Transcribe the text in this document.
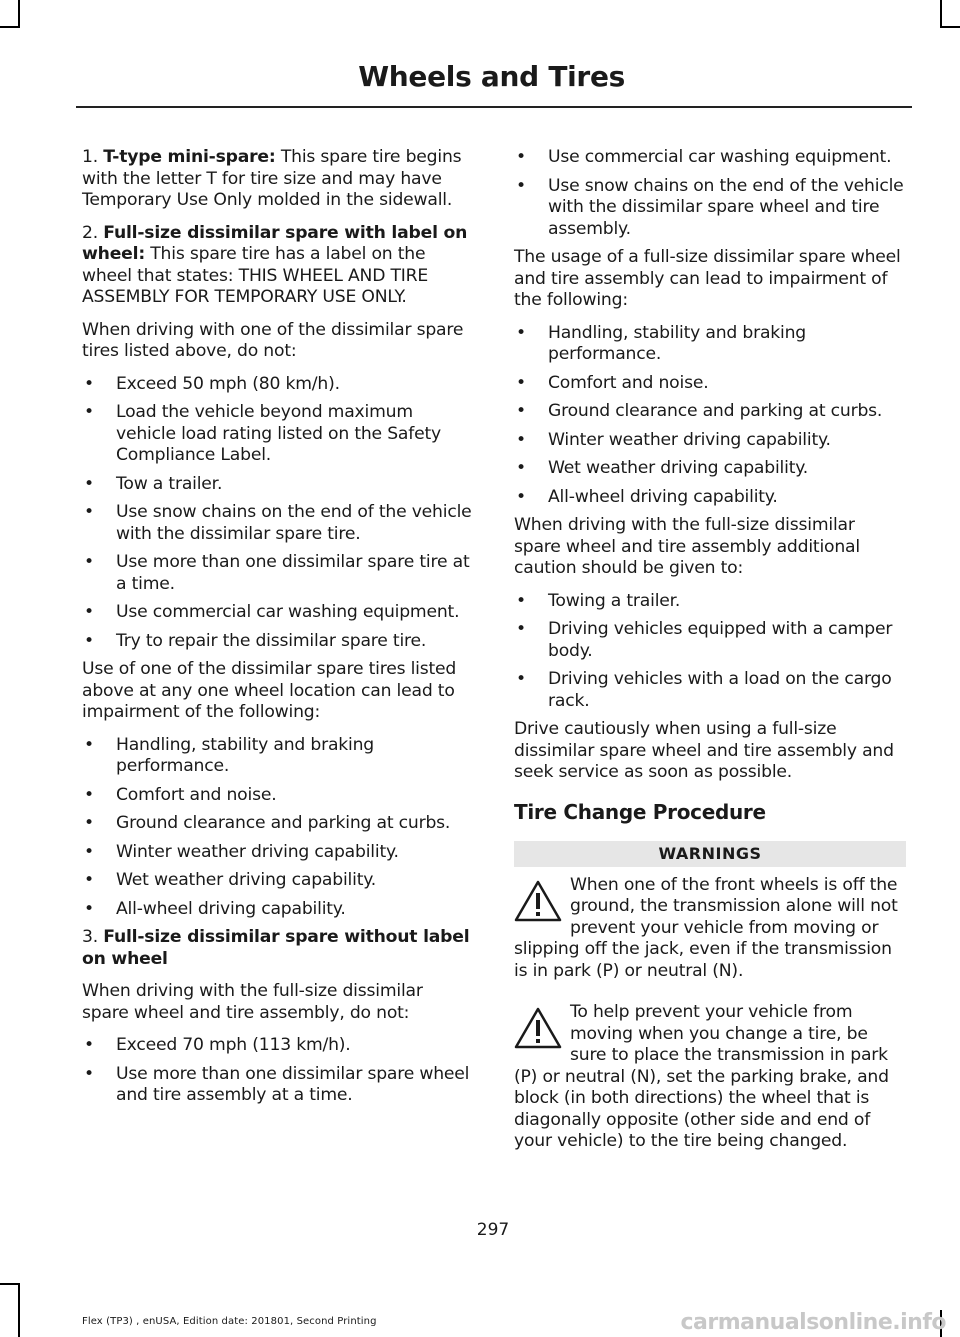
Wheels and Tires

1. T-type mini-spare: This spare tire begins with the letter T for tire size and may have Temporary Use Only molded in the sidewall.

2. Full-size dissimilar spare with label on wheel: This spare tire has a label on the wheel that states: THIS WHEEL AND TIRE ASSEMBLY FOR TEMPORARY USE ONLY.

When driving with one of the dissimilar spare tires listed above, do not:

• Exceed 50 mph (80 km/h).
• Load the vehicle beyond maximum vehicle load rating listed on the Safety Compliance Label.
• Tow a trailer.
• Use snow chains on the end of the vehicle with the dissimilar spare tire.
• Use more than one dissimilar spare tire at a time.
• Use commercial car washing equipment.
• Try to repair the dissimilar spare tire.

Use of one of the dissimilar spare tires listed above at any one wheel location can lead to impairment of the following:

• Handling, stability and braking performance.
• Comfort and noise.
• Ground clearance and parking at curbs.
• Winter weather driving capability.
• Wet weather driving capability.
• All-wheel driving capability.

3. Full-size dissimilar spare without label on wheel

When driving with the full-size dissimilar spare wheel and tire assembly, do not:

• Exceed 70 mph (113 km/h).
• Use more than one dissimilar spare wheel and tire assembly at a time.
• Use commercial car washing equipment.
• Use snow chains on the end of the vehicle with the dissimilar spare wheel and tire assembly.

The usage of a full-size dissimilar spare wheel and tire assembly can lead to impairment of the following:

• Handling, stability and braking performance.
• Comfort and noise.
• Ground clearance and parking at curbs.
• Winter weather driving capability.
• Wet weather driving capability.
• All-wheel driving capability.

When driving with the full-size dissimilar spare wheel and tire assembly additional caution should be given to:

• Towing a trailer.
• Driving vehicles equipped with a camper body.
• Driving vehicles with a load on the cargo rack.

Drive cautiously when using a full-size dissimilar spare wheel and tire assembly and seek service as soon as possible.

Tire Change Procedure
WARNINGS
When one of the front wheels is off the ground, the transmission alone will not prevent your vehicle from moving or slipping off the jack, even if the transmission is in park (P) or neutral (N).
To help prevent your vehicle from moving when you change a tire, be sure to place the transmission in park (P) or neutral (N), set the parking brake, and block (in both directions) the wheel that is diagonally opposite (other side and end of your vehicle) to the tire being changed.
297
Flex (TP3) , enUSA, Edition date: 201801, Second Printing	carmanualsonline.info
